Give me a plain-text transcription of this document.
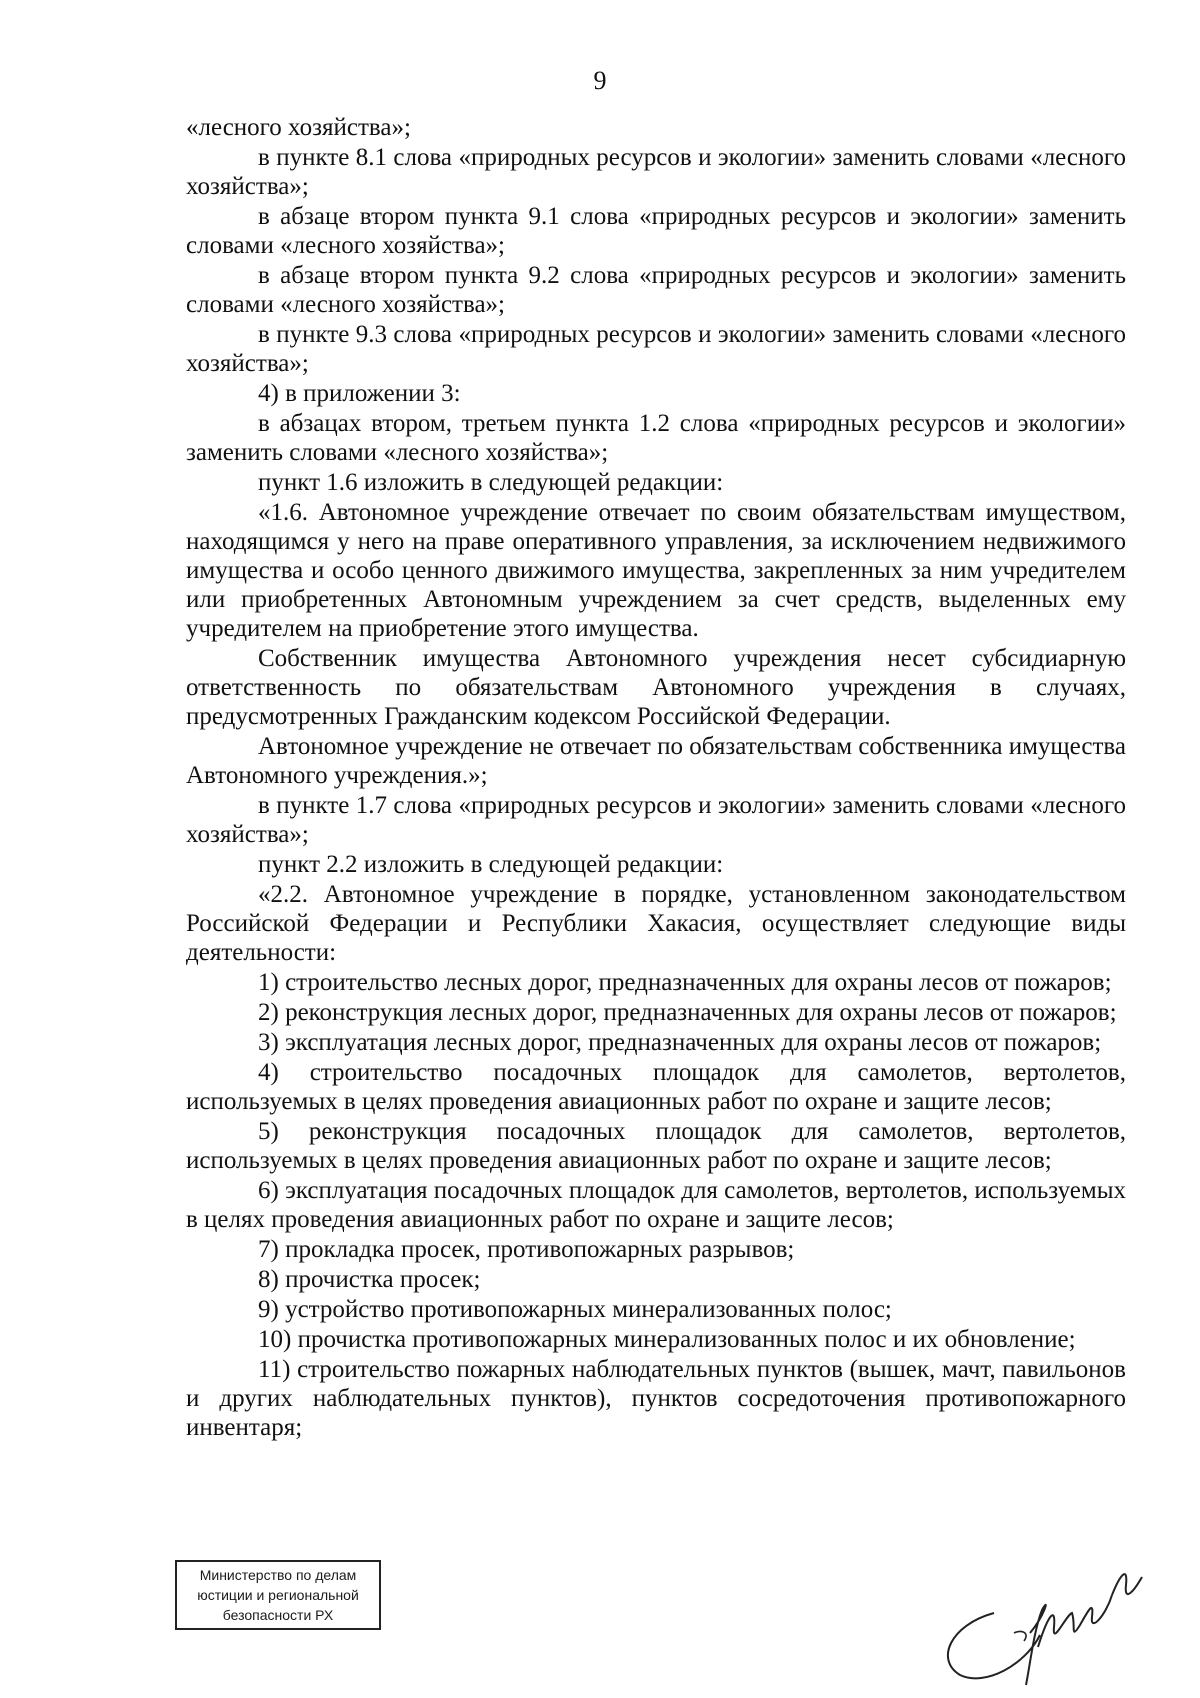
9

«лесного хозяйства»;

в пункте 8.1 слова «природных ресурсов и экологии» заменить словами «лесного хозяйства»;

в абзаце втором пункта 9.1 слова «природных ресурсов и экологии» заменить словами «лесного хозяйства»;

в абзаце втором пункта 9.2 слова «природных ресурсов и экологии» заменить словами «лесного хозяйства»;

в пункте 9.3 слова «природных ресурсов и экологии» заменить словами «лесного хозяйства»;

4) в приложении 3:

в абзацах втором, третьем пункта 1.2 слова «природных ресурсов и экологии» заменить словами «лесного хозяйства»;

пункт 1.6 изложить в следующей редакции:

«1.6. Автономное учреждение отвечает по своим обязательствам имуществом, находящимся у него на праве оперативного управления, за исключением недвижимого имущества и особо ценного движимого имущества, закрепленных за ним учредителем или приобретенных Автономным учреждением за счет средств, выделенных ему учредителем на приобретение этого имущества.

Собственник имущества Автономного учреждения несет субсидиарную ответственность по обязательствам Автономного учреждения в случаях, предусмотренных Гражданским кодексом Российской Федерации.

Автономное учреждение не отвечает по обязательствам собственника имущества Автономного учреждения.»;

в пункте 1.7 слова «природных ресурсов и экологии» заменить словами «лесного хозяйства»;

пункт 2.2 изложить в следующей редакции:

«2.2. Автономное учреждение в порядке, установленном законодательством Российской Федерации и Республики Хакасия, осуществляет следующие виды деятельности:

1) строительство лесных дорог, предназначенных для охраны лесов от пожаров;

2) реконструкция лесных дорог, предназначенных для охраны лесов от пожаров;

3) эксплуатация лесных дорог, предназначенных для охраны лесов от пожаров;

4) строительство посадочных площадок для самолетов, вертолетов, используемых в целях проведения авиационных работ по охране и защите лесов;

5) реконструкция посадочных площадок для самолетов, вертолетов, используемых в целях проведения авиационных работ по охране и защите лесов;

6) эксплуатация посадочных площадок для самолетов, вертолетов, используемых в целях проведения авиационных работ по охране и защите лесов;

7) прокладка просек, противопожарных разрывов;

8) прочистка просек;

9) устройство противопожарных минерализованных полос;

10) прочистка противопожарных минерализованных полос и их обновление;

11) строительство пожарных наблюдательных пунктов (вышек, мачт, павильонов и других наблюдательных пунктов), пунктов сосредоточения противопожарного инвентаря;

Министерство по делам
юстиции и региональной
безопасности РХ
